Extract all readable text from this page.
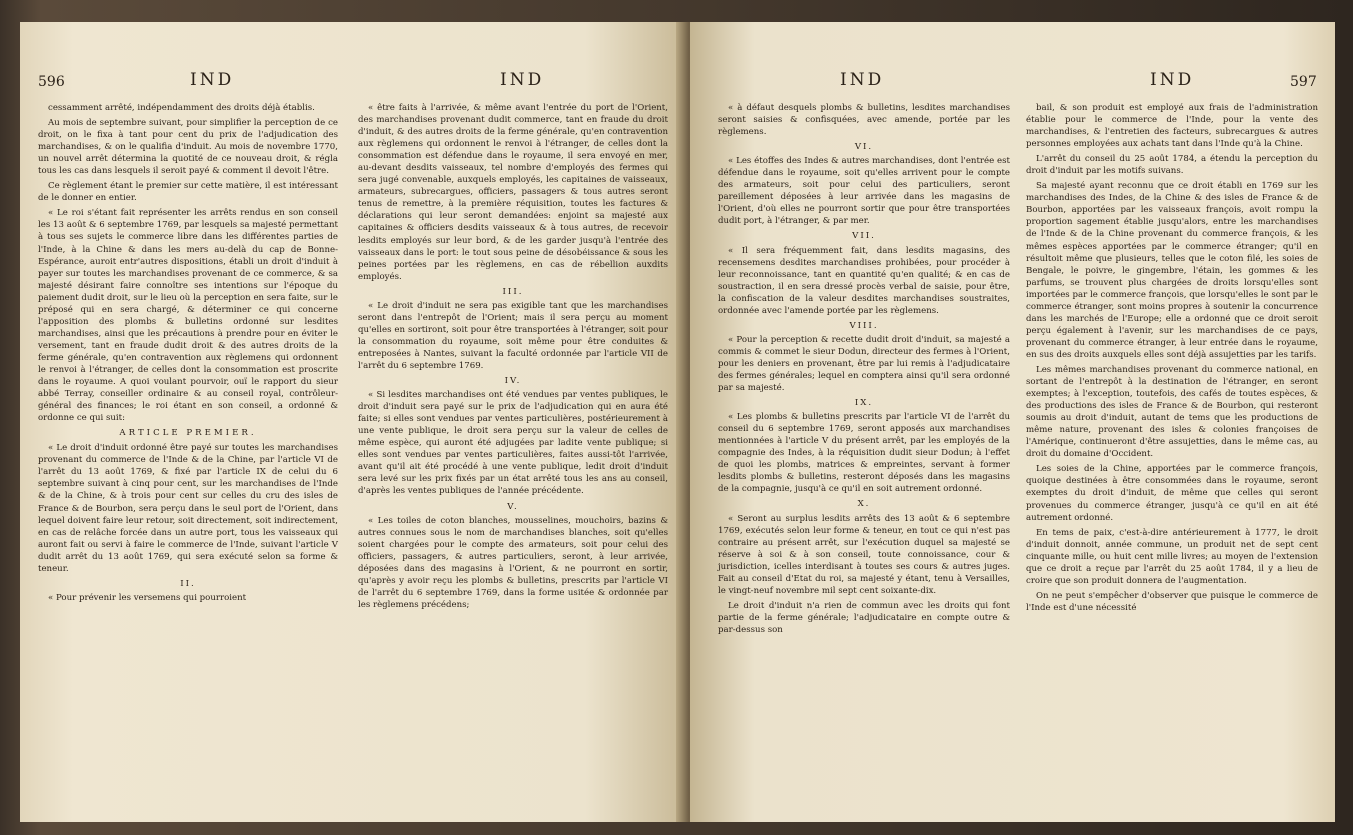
596	IND	IND

cessamment arrêté, indépendamment des droits déjà établis.

Au mois de septembre suivant, pour simplifier la perception de ce droit, on le fixa à tant pour cent du prix de l'adjudication des marchandises, & on le qualifia d'induit. Au mois de novembre 1770, un nouvel arrêt détermina la quotité de ce nouveau droit, & régla tous les cas dans lesquels il seroit payé & comment il devoit l'être.

Ce règlement étant le premier sur cette matière, il est intéressant de le donner en entier.

« Le roi s'étant fait représenter les arrêts rendus en son conseil les 13 août & 6 septembre 1769, par lesquels sa majesté permettant à tous ses sujets le commerce libre dans les différentes parties de l'Inde, à la Chine & dans les mers au-delà du cap de Bonne-Espérance, auroit entr'autres dispositions, établi un droit d'induit à payer sur toutes les marchandises provenant de ce commerce, & sa majesté désirant faire connoître ses intentions sur l'époque du paiement dudit droit, sur le lieu où la perception en sera faite, sur le préposé qui en sera chargé, & déterminer ce qui concerne l'apposition des plombs & bulletins ordonné sur lesdites marchandises, ainsi que les précautions à prendre pour en éviter le versement, tant en fraude dudit droit & des autres droits de la ferme générale, qu'en contravention aux règlemens qui ordonnent le renvoi à l'étranger, de celles dont la consommation est proscrite dans le royaume. A quoi voulant pourvoir, ouï le rapport du sieur abbé Terray, conseiller ordinaire & au conseil royal, contrôleur-général des finances; le roi étant en son conseil, a ordonné & ordonne ce qui suit:

ARTICLE PREMIER.

« Le droit d'induit ordonné être payé sur toutes les marchandises provenant du commerce de l'Inde & de la Chine, par l'article VI de l'arrêt du 13 août 1769, & fixé par l'article IX de celui du 6 septembre suivant à cinq pour cent, sur les marchandises de l'Inde & de la Chine, & à trois pour cent sur celles du cru des isles de France & de Bourbon, sera perçu dans le seul port de l'Orient, dans lequel doivent faire leur retour, soit directement, soit indirectement, en cas de relâche forcée dans un autre port, tous les vaisseaux qui auront fait ou servi à faire le commerce de l'Inde, suivant l'article V dudit arrêt du 13 août 1769, qui sera exécuté selon sa forme & teneur.

II.

« Pour prévenir les versemens qui pourroient

« être faits à l'arrivée, & même avant l'entrée du port de l'Orient, des marchandises provenant dudit commerce, tant en fraude du droit d'induit, & des autres droits de la ferme générale, qu'en contravention aux règlemens qui ordonnent le renvoi à l'étranger, de celles dont la consommation est défendue dans le royaume, il sera envoyé en mer, au-devant desdits vaisseaux, tel nombre d'employés des fermes qui sera jugé convenable, auxquels employés, les capitaines de vaisseaux, armateurs, subrecargues, officiers, passagers & tous autres seront tenus de remettre, à la première réquisition, toutes les factures & déclarations qui leur seront demandées: enjoint sa majesté aux capitaines & officiers desdits vaisseaux & à tous autres, de recevoir lesdits employés sur leur bord, & de les garder jusqu'à l'entrée des vaisseaux dans le port: le tout sous peine de désobéissance & sous les peines portées par les règlemens, en cas de rébellion auxdits employés.

III.

« Le droit d'induit ne sera pas exigible tant que les marchandises seront dans l'entrepôt de l'Orient; mais il sera perçu au moment qu'elles en sortiront, soit pour être transportées à l'étranger, soit pour la consommation du royaume, soit même pour être conduites & entreposées à Nantes, suivant la faculté ordonnée par l'article VII de l'arrêt du 6 septembre 1769.

IV.

« Si lesdites marchandises ont été vendues par ventes publiques, le droit d'induit sera payé sur le prix de l'adjudication qui en aura été faite; si elles sont vendues par ventes particulières, postérieurement à une vente publique, le droit sera perçu sur la valeur de celles de même espèce, qui auront été adjugées par ladite vente publique; si elles sont vendues par ventes particulières, faites aussi-tôt l'arrivée, avant qu'il ait été procédé à une vente publique, ledit droit d'induit sera levé sur les prix fixés par un état arrêté tous les ans au conseil, d'après les ventes publiques de l'année précédente.

V.

« Les toiles de coton blanches, mousselines, mouchoirs, bazins & autres connues sous le nom de marchandises blanches, soit qu'elles soient chargées pour le compte des armateurs, soit pour celui des officiers, passagers, & autres particuliers, seront, à leur arrivée, déposées dans des magasins à l'Orient, & ne pourront en sortir, qu'après y avoir reçu les plombs & bulletins, prescrits par l'article VI de l'arrêt du 6 septembre 1769, dans la forme usitée & ordonnée par les règlemens précédens;

IND	IND	597

« à défaut desquels plombs & bulletins, lesdites marchandises seront saisies & confisquées, avec amende, portée par les règlemens.

VI.

« Les étoffes des Indes & autres marchandises, dont l'entrée est défendue dans le royaume, soit qu'elles arrivent pour le compte des armateurs, soit pour celui des particuliers, seront pareillement déposées à leur arrivée dans les magasins de l'Orient, d'où elles ne pourront sortir que pour être transportées dudit port, à l'étranger, & par mer.

VII.

« Il sera fréquemment fait, dans lesdits magasins, des recensemens desdites marchandises prohibées, pour procéder à leur reconnoissance, tant en quantité qu'en qualité; & en cas de soustraction, il en sera dressé procès verbal de saisie, pour être, la confiscation de la valeur desdites marchandises soustraites, ordonnée avec l'amende portée par les règlemens.

VIII.

« Pour la perception & recette dudit droit d'induit, sa majesté a commis & commet le sieur Dodun, directeur des fermes à l'Orient, pour les deniers en provenant, être par lui remis à l'adjudicataire des fermes générales; lequel en comptera ainsi qu'il sera ordonné par sa majesté.

IX.

« Les plombs & bulletins prescrits par l'article VI de l'arrêt du conseil du 6 septembre 1769, seront apposés aux marchandises mentionnées à l'article V du présent arrêt, par les employés de la compagnie des Indes, à la réquisition dudit sieur Dodun; à l'effet de quoi les plombs, matrices & empreintes, servant à former lesdits plombs & bulletins, resteront déposés dans les magasins de la compagnie, jusqu'à ce qu'il en soit autrement ordonné.

X.

« Seront au surplus lesdits arrêts des 13 août & 6 septembre 1769, exécutés selon leur forme & teneur, en tout ce qui n'est pas contraire au présent arrêt, sur l'exécution duquel sa majesté se réserve à soi & à son conseil, toute connoissance, cour & jurisdiction, icelles interdisant à toutes ses cours & autres juges. Fait au conseil d'Etat du roi, sa majesté y étant, tenu à Versailles, le vingt-neuf novembre mil sept cent soixante-dix.

Le droit d'induit n'a rien de commun avec les droits qui font partie de la ferme générale; l'adjudicataire en compte outre & par-dessus son

bail, & son produit est employé aux frais de l'administration établie pour le commerce de l'Inde, pour la vente des marchandises, & l'entretien des facteurs, subrecargues & autres personnes employées aux achats tant dans l'Inde qu'à la Chine.

L'arrêt du conseil du 25 août 1784, a étendu la perception du droit d'induit par les motifs suivans.

Sa majesté ayant reconnu que ce droit établi en 1769 sur les marchandises des Indes, de la Chine & des isles de France & de Bourbon, apportées par les vaisseaux françois, avoit rompu la proportion sagement établie jusqu'alors, entre les marchandises de l'Inde & de la Chine provenant du commerce françois, & les mêmes espèces apportées par le commerce étranger; qu'il en résultoit même que plusieurs, telles que le coton filé, les soies de Bengale, le poivre, le gingembre, l'étain, les gommes & les parfums, se trouvent plus chargées de droits lorsqu'elles sont importées par le commerce françois, que lorsqu'elles le sont par le commerce étranger, sont moins propres à soutenir la concurrence dans les marchés de l'Europe; elle a ordonné que ce droit seroit perçu également à l'avenir, sur les marchandises de ce pays, provenant du commerce étranger, à leur entrée dans le royaume, en sus des droits auxquels elles sont déjà assujetties par les tarifs.

Les mêmes marchandises provenant du commerce national, en sortant de l'entrepôt à la destination de l'étranger, en seront exemptes; à l'exception, toutefois, des cafés de toutes espèces, & des productions des isles de France & de Bourbon, qui resteront soumis au droit d'induit, autant de tems que les productions de même nature, provenant des isles & colonies françoises de l'Amérique, continueront d'être assujetties, dans le même cas, au droit du domaine d'Occident.

Les soies de la Chine, apportées par le commerce françois, quoique destinées à être consommées dans le royaume, seront exemptes du droit d'induit, de même que celles qui seront provenues du commerce étranger, jusqu'à ce qu'il en ait été autrement ordonné.

En tems de paix, c'est-à-dire antérieurement à 1777, le droit d'induit donnoit, année commune, un produit net de sept cent cinquante mille, ou huit cent mille livres; au moyen de l'extension que ce droit a reçue par l'arrêt du 25 août 1784, il y a lieu de croire que son produit donnera de l'augmentation.

On ne peut s'empêcher d'observer que puisque le commerce de l'Inde est d'une nécessité
